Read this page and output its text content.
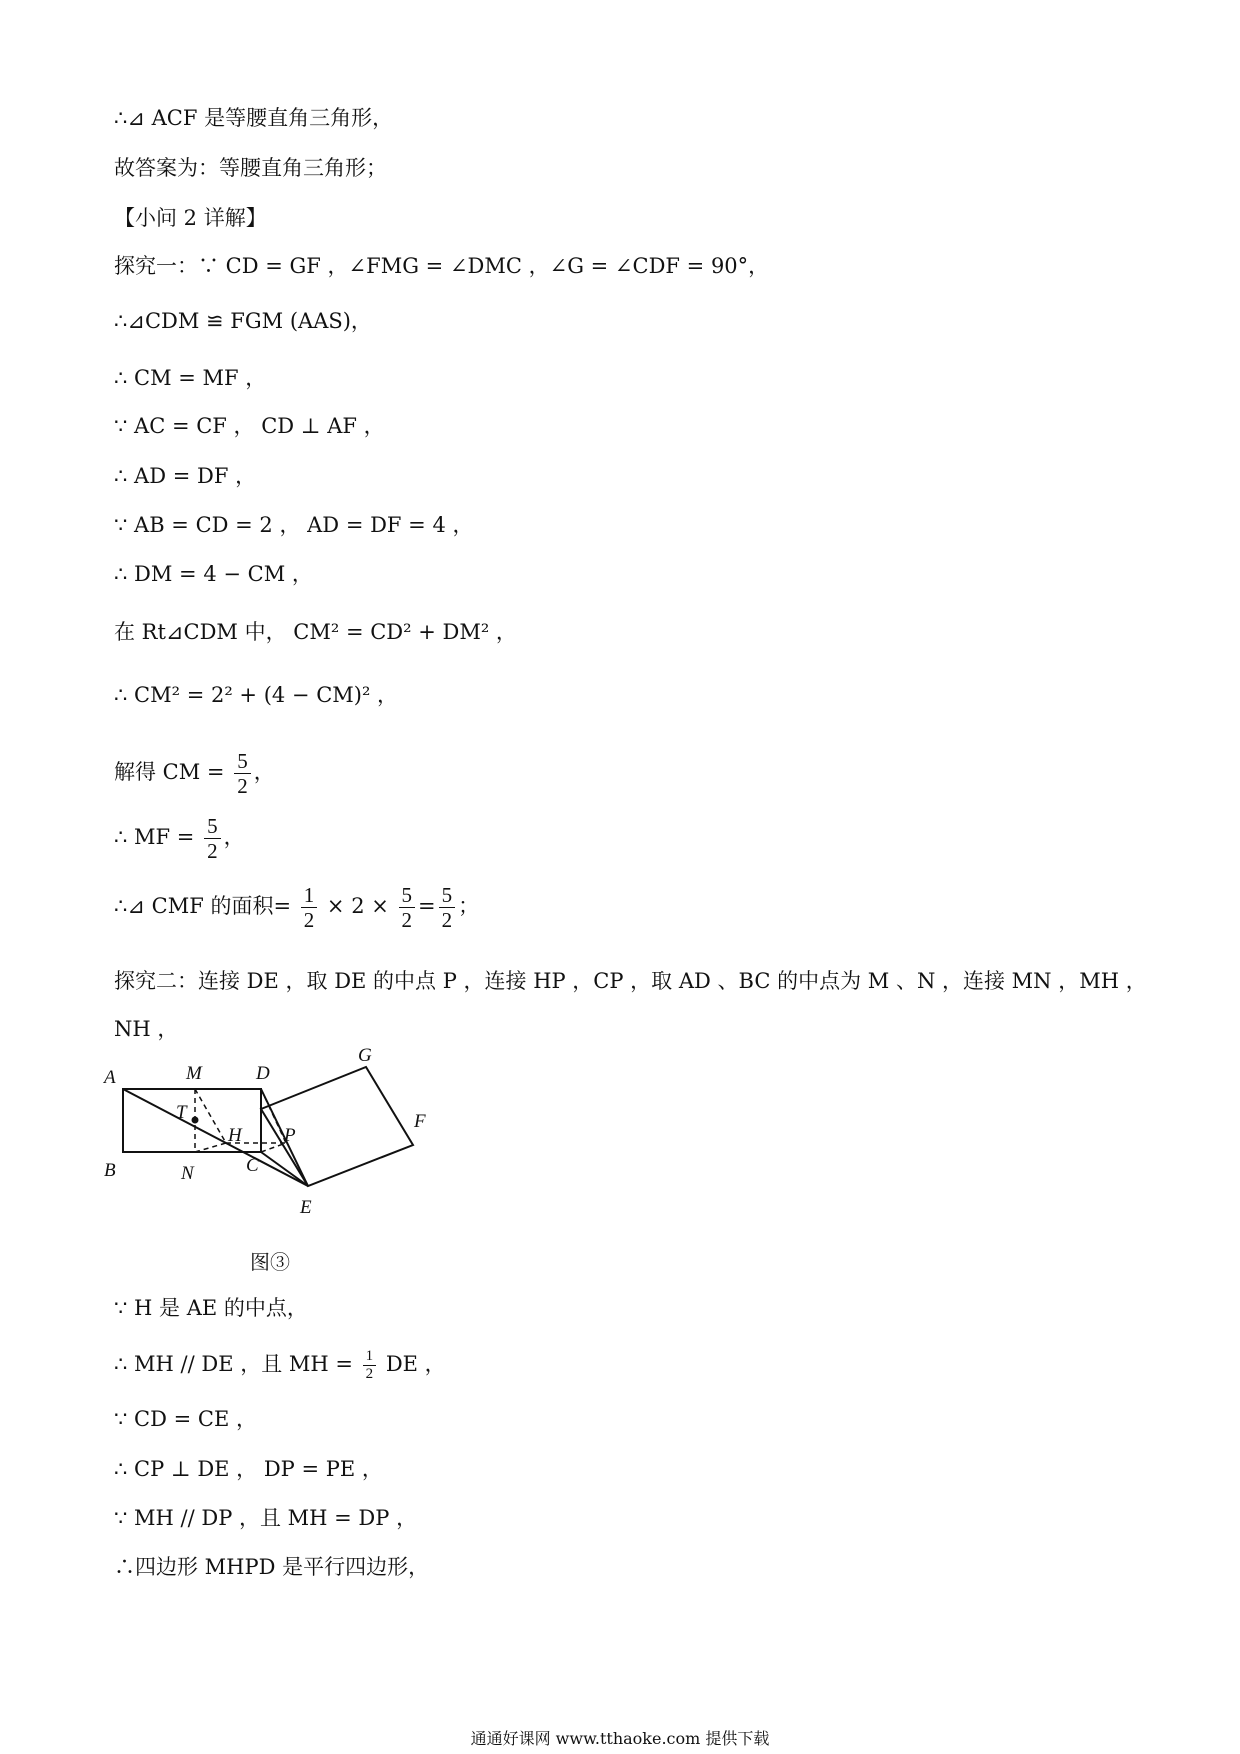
∴⊿ ACF 是等腰直角三角形，
故答案为：等腰直角三角形；
【小问 2 详解】
探究一：∵ CD = GF ，∠FMG = ∠DMC ，∠G = ∠CDF = 90°，
∴⊿CDM ≌ FGM (AAS)，
∴ CM = MF ，
∵ AC = CF ， CD ⊥ AF ，
∴ AD = DF ，
∵ AB = CD = 2 ， AD = DF = 4 ，
∴ DM = 4 − CM ，
在 Rt⊿CDM 中， CM² = CD² + DM² ，
∴ CM² = 2² + (4 − CM)² ，
解得 CM = $\frac{5}{2}$ ，
∴ MF = $\frac{5}{2}$ ，
∴⊿ CMF 的面积= $\frac{1}{2} \times 2 \times \frac{5}{2} = \frac{5}{2}$ ；
探究二：连接 DE ，取 DE 的中点 P ，连接 HP ，CP ，取 AD 、BC 的中点为 M 、N ，连接 MN ，MH ，
NH ，
A	M	D
G
T
H P
F
B	N	C
E
图③
∵ H 是 AE 的中点，
∴ MH // DE ，且 MH = $\frac{1}{2}$ DE ，
∵ CD = CE ，
∴ CP ⊥ DE ， DP = PE ，
∵ MH // DP ，且 MH = DP ，
∴四边形 MHPD 是平行四边形，
通通好课网 www.tthaoke.com 提供下载
